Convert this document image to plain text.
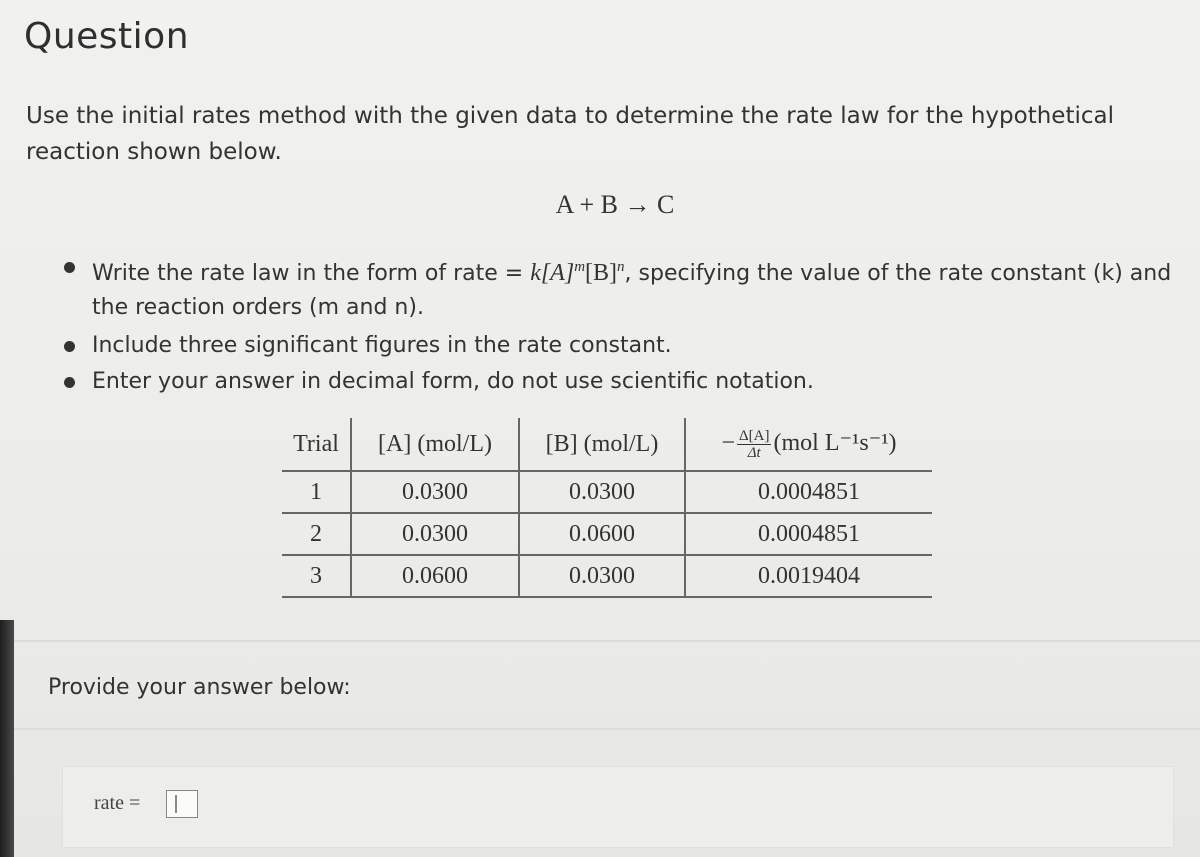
Question

Use the initial rates method with the given data to determine the rate law for the hypothetical reaction shown below.

A + B → C
Write the rate law in the form of rate = $k[A]^m[B]^n$, specifying the value of the rate constant (k) and the reaction orders (m and n).
Include three significant figures in the rate constant.
Enter your answer in decimal form, do not use scientific notation.
Trial	[A] (mol/L)	[B] (mol/L)	− $\frac{\Delta[A]}{\Delta t} (mol$ L⁻¹s⁻¹)
1	0.0300	0.0300	0.0004851
2	0.0300	0.0600	0.0004851
3	0.0600	0.0300	0.0019404
Provide your answer below:
rate =
